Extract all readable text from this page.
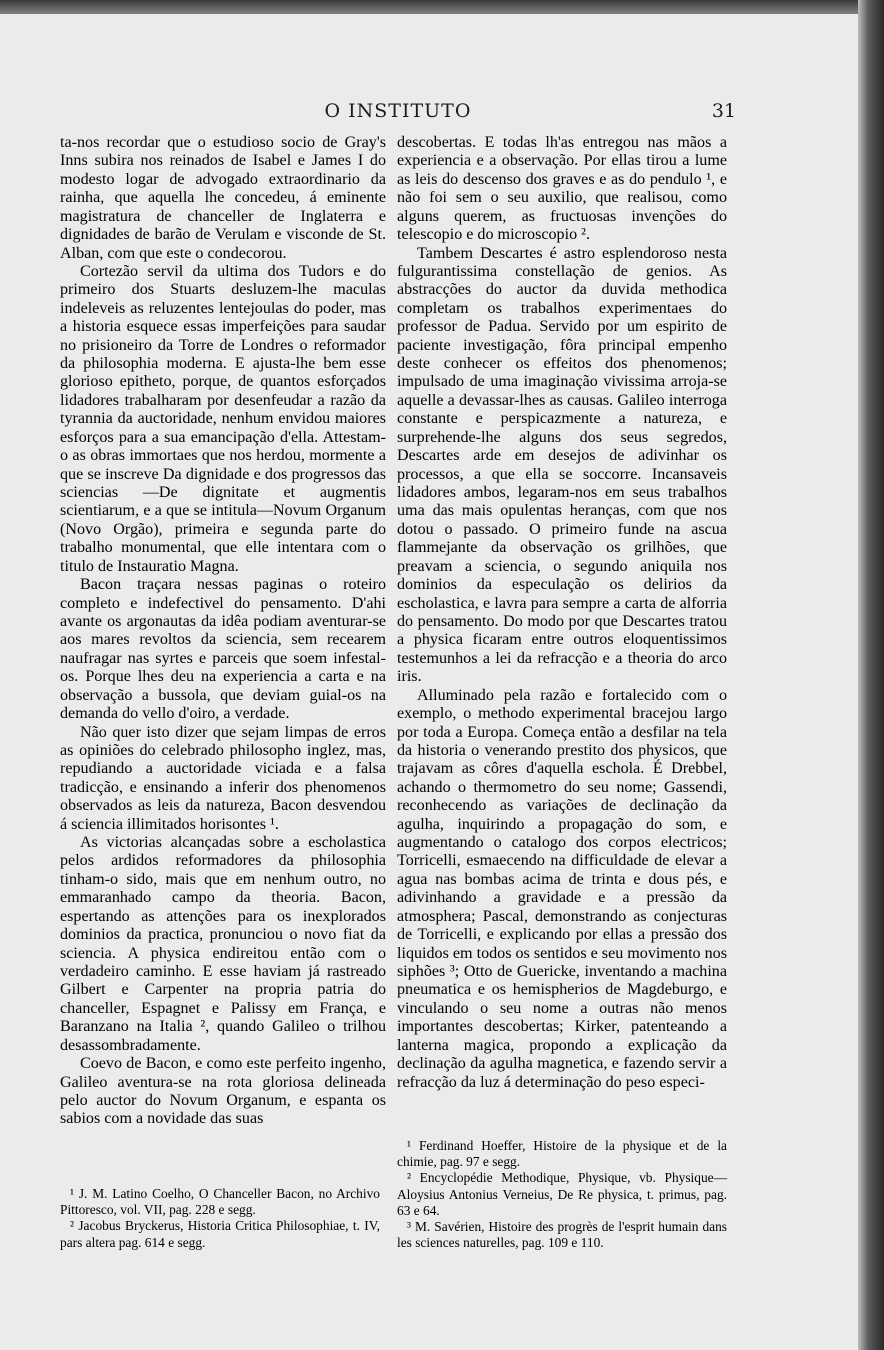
O INSTITUTO	31

ta-nos recordar que o estudioso socio de Gray's Inns subira nos reinados de Isabel e James I do modesto logar de advogado extraordinario da rainha, que aquella lhe concedeu, á eminente magistratura de chanceller de Inglaterra e dignidades de barão de Verulam e visconde de St. Alban, com que este o condecorou.

Cortezão servil da ultima dos Tudors e do primeiro dos Stuarts desluzem-lhe maculas indeleveis as reluzentes lentejoulas do poder, mas a historia esquece essas imperfeições para saudar no prisioneiro da Torre de Londres o reformador da philosophia moderna. E ajusta-lhe bem esse glorioso epitheto, porque, de quantos esforçados lidadores trabalharam por desenfeudar a razão da tyrannia da auctoridade, nenhum envidou maiores esforços para a sua emancipação d'ella. Attestam-o as obras immortaes que nos herdou, mormente a que se inscreve Da dignidade e dos progressos das sciencias —De dignitate et augmentis scientiarum, e a que se intitula—Novum Organum (Novo Orgão), primeira e segunda parte do trabalho monumental, que elle intentara com o titulo de Instauratio Magna.

Bacon traçara nessas paginas o roteiro completo e indefectivel do pensamento. D'ahi avante os argonautas da idêa podiam aventurar-se aos mares revoltos da sciencia, sem recearem naufragar nas syrtes e parceis que soem infestal-os. Porque lhes deu na experiencia a carta e na observação a bussola, que deviam guial-os na demanda do vello d'oiro, a verdade.

Não quer isto dizer que sejam limpas de erros as opiniões do celebrado philosopho inglez, mas, repudiando a auctoridade viciada e a falsa tradicção, e ensinando a inferir dos phenomenos observados as leis da natureza, Bacon desvendou á sciencia illimitados horisontes ¹.

As victorias alcançadas sobre a escholastica pelos ardidos reformadores da philosophia tinham-o sido, mais que em nenhum outro, no emmaranhado campo da theoria. Bacon, espertando as attenções para os inexplorados dominios da practica, pronunciou o novo fiat da sciencia. A physica endireitou então com o verdadeiro caminho. E esse haviam já rastreado Gilbert e Carpenter na propria patria do chanceller, Espagnet e Palissy em França, e Baranzano na Italia ², quando Galileo o trilhou desassombradamente.

Coevo de Bacon, e como este perfeito ingenho, Galileo aventura-se na rota gloriosa delineada pelo auctor do Novum Organum, e espanta os sabios com a novidade das suas

descobertas. E todas lh'as entregou nas mãos a experiencia e a observação. Por ellas tirou a lume as leis do descenso dos graves e as do pendulo ¹, e não foi sem o seu auxilio, que realisou, como alguns querem, as fructuosas invenções do telescopio e do microscopio ².

Tambem Descartes é astro esplendoroso nesta fulgurantissima constellação de genios. As abstracções do auctor da duvida methodica completam os trabalhos experimentaes do professor de Padua. Servido por um espirito de paciente investigação, fôra principal empenho deste conhecer os effeitos dos phenomenos; impulsado de uma imaginação vivissima arroja-se aquelle a devassar-lhes as causas. Galileo interroga constante e perspicazmente a natureza, e surprehende-lhe alguns dos seus segredos, Descartes arde em desejos de adivinhar os processos, a que ella se soccorre. Incansaveis lidadores ambos, legaram-nos em seus trabalhos uma das mais opulentas heranças, com que nos dotou o passado. O primeiro funde na ascua flammejante da observação os grilhões, que preavam a sciencia, o segundo aniquila nos dominios da especulação os delirios da escholastica, e lavra para sempre a carta de alforria do pensamento. Do modo por que Descartes tratou a physica ficaram entre outros eloquentissimos testemunhos a lei da refracção e a theoria do arco iris.

Alluminado pela razão e fortalecido com o exemplo, o methodo experimental bracejou largo por toda a Europa. Começa então a desfilar na tela da historia o venerando prestito dos physicos, que trajavam as côres d'aquella eschola. É Drebbel, achando o thermometro do seu nome; Gassendi, reconhecendo as variações de declinação da agulha, inquirindo a propagação do som, e augmentando o catalogo dos corpos electricos; Torricelli, esmaecendo na difficuldade de elevar a agua nas bombas acima de trinta e dous pés, e adivinhando a gravidade e a pressão da atmosphera; Pascal, demonstrando as conjecturas de Torricelli, e explicando por ellas a pressão dos liquidos em todos os sentidos e seu movimento nos siphões ³; Otto de Guericke, inventando a machina pneumatica e os hemispherios de Magdeburgo, e vinculando o seu nome a outras não menos importantes descobertas; Kirker, patenteando a lanterna magica, propondo a explicação da declinação da agulha magnetica, e fazendo servir a refracção da luz á determinação do peso especi-

¹ J. M. Latino Coelho, O Chanceller Bacon, no Archivo Pittoresco, vol. VII, pag. 228 e segg.

² Jacobus Bryckerus, Historia Critica Philosophiae, t. IV, pars altera pag. 614 e segg.

¹ Ferdinand Hoeffer, Histoire de la physique et de la chimie, pag. 97 e segg.

² Encyclopédie Methodique, Physique, vb. Physique—Aloysius Antonius Verneius, De Re physica, t. primus, pag. 63 e 64.

³ M. Savérien, Histoire des progrès de l'esprit humain dans les sciences naturelles, pag. 109 e 110.
